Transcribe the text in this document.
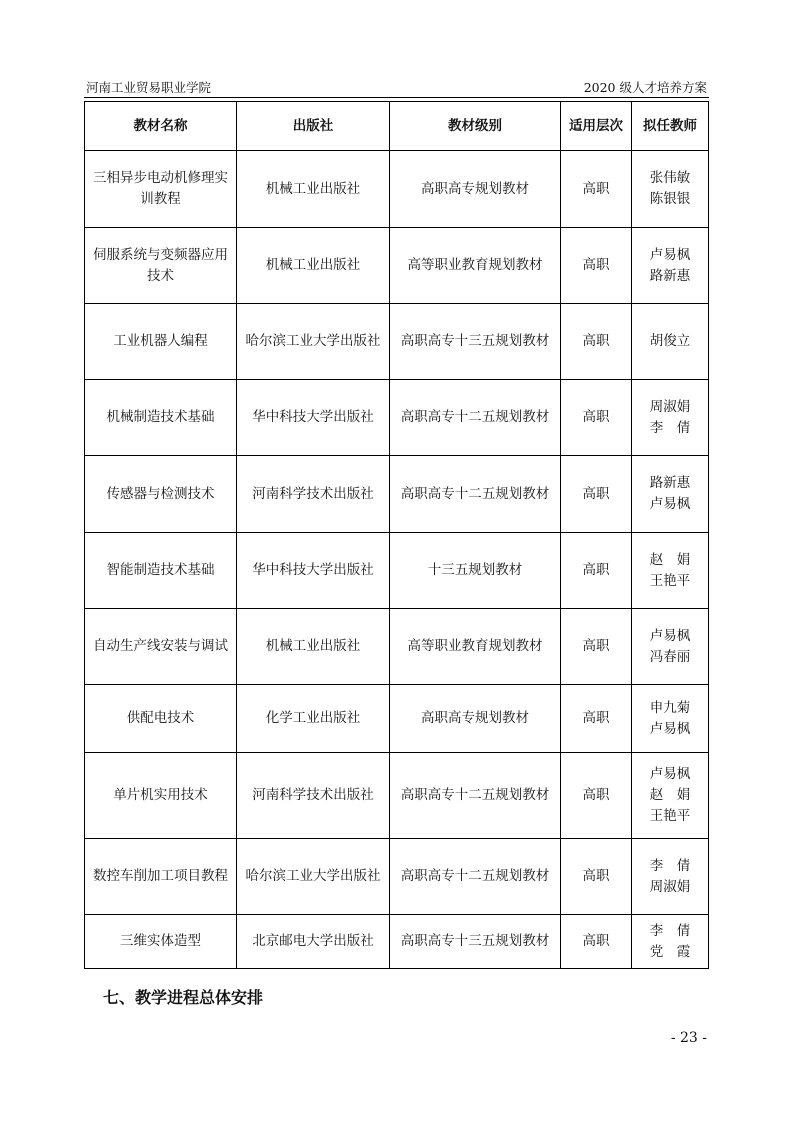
河南工业贸易职业学院	2020 级人才培养方案
教材名称	出版社	教材级别	适用层次	拟任教师
三相异步电动机修理实训教程	机械工业出版社	高职高专规划教材	高职	张伟敏
陈银银

伺服系统与变频器应用技术	机械工业出版社	高等职业教育规划教材	高职	卢易枫
路新惠

工业机器人编程	哈尔滨工业大学出版社	高职高专十三五规划教材	高职	胡俊立

机械制造技术基础	华中科技大学出版社	高职高专十二五规划教材	高职	周淑娟
李　倩

传感器与检测技术	河南科学技术出版社	高职高专十二五规划教材	高职	路新惠
卢易枫

智能制造技术基础	华中科技大学出版社	十三五规划教材	高职	赵　娟
王艳平

自动生产线安装与调试	机械工业出版社	高等职业教育规划教材	高职	卢易枫
冯春丽

供配电技术	化学工业出版社	高职高专规划教材	高职	申九菊
卢易枫

单片机实用技术	河南科学技术出版社	高职高专十二五规划教材	高职	卢易枫
赵　娟
王艳平

数控车削加工项目教程	哈尔滨工业大学出版社	高职高专十二五规划教材	高职	李　倩
周淑娟

三维实体造型	北京邮电大学出版社	高职高专十三五规划教材	高职	李　倩
党　霞
七、教学进程总体安排
- 23 -
